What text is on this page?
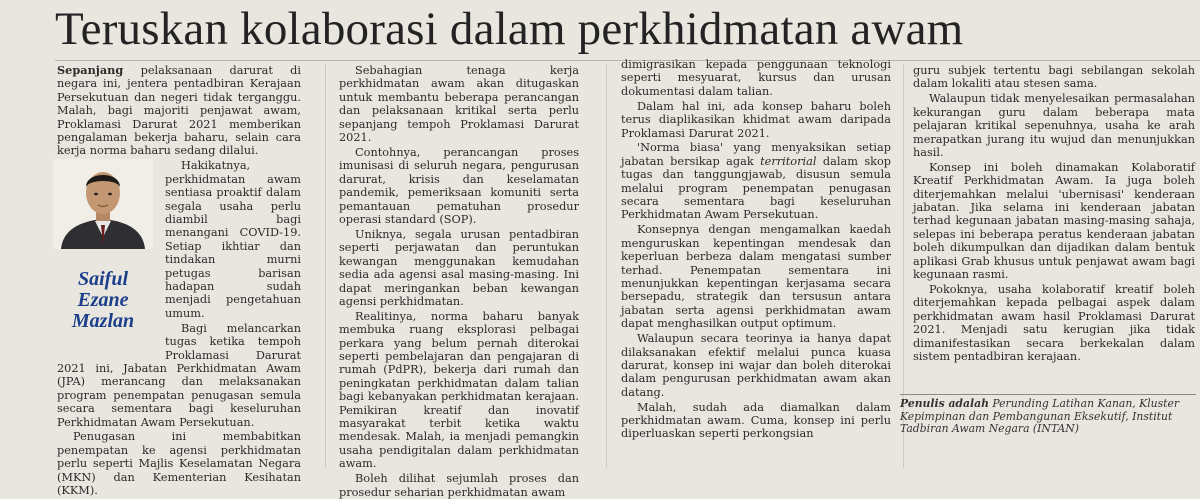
Teruskan kolaborasi dalam perkhidmatan awam

Sepanjang pelaksanaan darurat di negara ini, jentera pentadbiran Kerajaan Persekutuan dan negeri tidak terganggu. Malah, bagi majoriti penjawat awam, Proklamasi Darurat 2021 memberikan pengalaman bekerja baharu, selain cara kerja norma baharu sedang dilalui.

Saiful
Ezane
Mazlan

Hakikatnya, perkhidmatan awam sentiasa proaktif dalam segala usaha perlu diambil bagi menangani COVID-19. Setiap ikhtiar dan tindakan murni petugas barisan hadapan sudah menjadi pengetahuan umum.

Bagi melancarkan tugas ketika tempoh Proklamasi Darurat 2021 ini, Jabatan Perkhidmatan Awam (JPA) merancang dan melaksanakan program penempatan penugasan semula secara sementara bagi keseluruhan Perkhidmatan Awam Persekutuan.

Penugasan ini membabitkan penempatan ke agensi perkhidmatan perlu seperti Majlis Keselamatan Negara (MKN) dan Kementerian Kesihatan (KKM).

Sebahagian tenaga kerja perkhidmatan awam akan ditugaskan untuk membantu beberapa perancangan dan pelaksanaan kritikal serta perlu sepanjang tempoh Proklamasi Darurat 2021.

Contohnya, perancangan proses imunisasi di seluruh negara, pengurusan darurat, krisis dan keselamatan pandemik, pemeriksaan komuniti serta pemantauan pematuhan prosedur operasi standard (SOP).

Uniknya, segala urusan pentadbiran seperti perjawatan dan peruntukan kewangan menggunakan kemudahan sedia ada agensi asal masing-masing. Ini dapat meringankan beban kewangan agensi perkhidmatan.

Realitinya, norma baharu banyak membuka ruang eksplorasi pelbagai perkara yang belum pernah diterokai seperti pembelajaran dan pengajaran di rumah (PdPR), bekerja dari rumah dan peningkatan perkhidmatan dalam talian bagi kebanyakan perkhidmatan kerajaan. Pemikiran kreatif dan inovatif masyarakat terbit ketika waktu mendesak. Malah, ia menjadi pemangkin usaha pendigitalan dalam perkhidmatan awam.

Boleh dilihat sejumlah proses dan prosedur seharian perkhidmatan awam

dimigrasikan kepada penggunaan teknologi seperti mesyuarat, kursus dan urusan dokumentasi dalam talian.

Dalam hal ini, ada konsep baharu boleh terus diaplikasikan khidmat awam daripada Proklamasi Darurat 2021.

'Norma biasa' yang menyaksikan setiap jabatan bersikap agak territorial dalam skop tugas dan tanggungjawab, disusun semula melalui program penempatan penugasan secara sementara bagi keseluruhan Perkhidmatan Awam Persekutuan.

Konsepnya dengan mengamalkan kaedah menguruskan kepentingan mendesak dan keperluan berbeza dalam mengatasi sumber terhad. Penempatan sementara ini menunjukkan kepentingan kerjasama secara bersepadu, strategik dan tersusun antara jabatan serta agensi perkhidmatan awam dapat menghasilkan output optimum.

Walaupun secara teorinya ia hanya dapat dilaksanakan efektif melalui punca kuasa darurat, konsep ini wajar dan boleh diterokai dalam pengurusan perkhidmatan awam akan datang.

Malah, sudah ada diamalkan dalam perkhidmatan awam. Cuma, konsep ini perlu diperluaskan seperti perkongsian

guru subjek tertentu bagi sebilangan sekolah dalam lokaliti atau stesen sama.

Walaupun tidak menyelesaikan permasalahan kekurangan guru dalam beberapa mata pelajaran kritikal sepenuhnya, usaha ke arah merapatkan jurang itu wujud dan menunjukkan hasil.

Konsep ini boleh dinamakan Kolaboratif Kreatif Perkhidmatan Awam. Ia juga boleh diterjemahkan melalui 'ubernisasi' kenderaan jabatan. Jika selama ini kenderaan jabatan terhad kegunaan jabatan masing-masing sahaja, selepas ini beberapa peratus kenderaan jabatan boleh dikumpulkan dan dijadikan dalam bentuk aplikasi Grab khusus untuk penjawat awam bagi kegunaan rasmi.

Pokoknya, usaha kolaboratif kreatif boleh diterjemahkan kepada pelbagai aspek dalam perkhidmatan awam hasil Proklamasi Darurat 2021. Menjadi satu kerugian jika tidak dimanifestasikan secara berkekalan dalam sistem pentadbiran kerajaan.

Penulis adalah Perunding Latihan Kanan, Kluster Kepimpinan dan Pembangunan Eksekutif, Institut Tadbiran Awam Negara (INTAN)
